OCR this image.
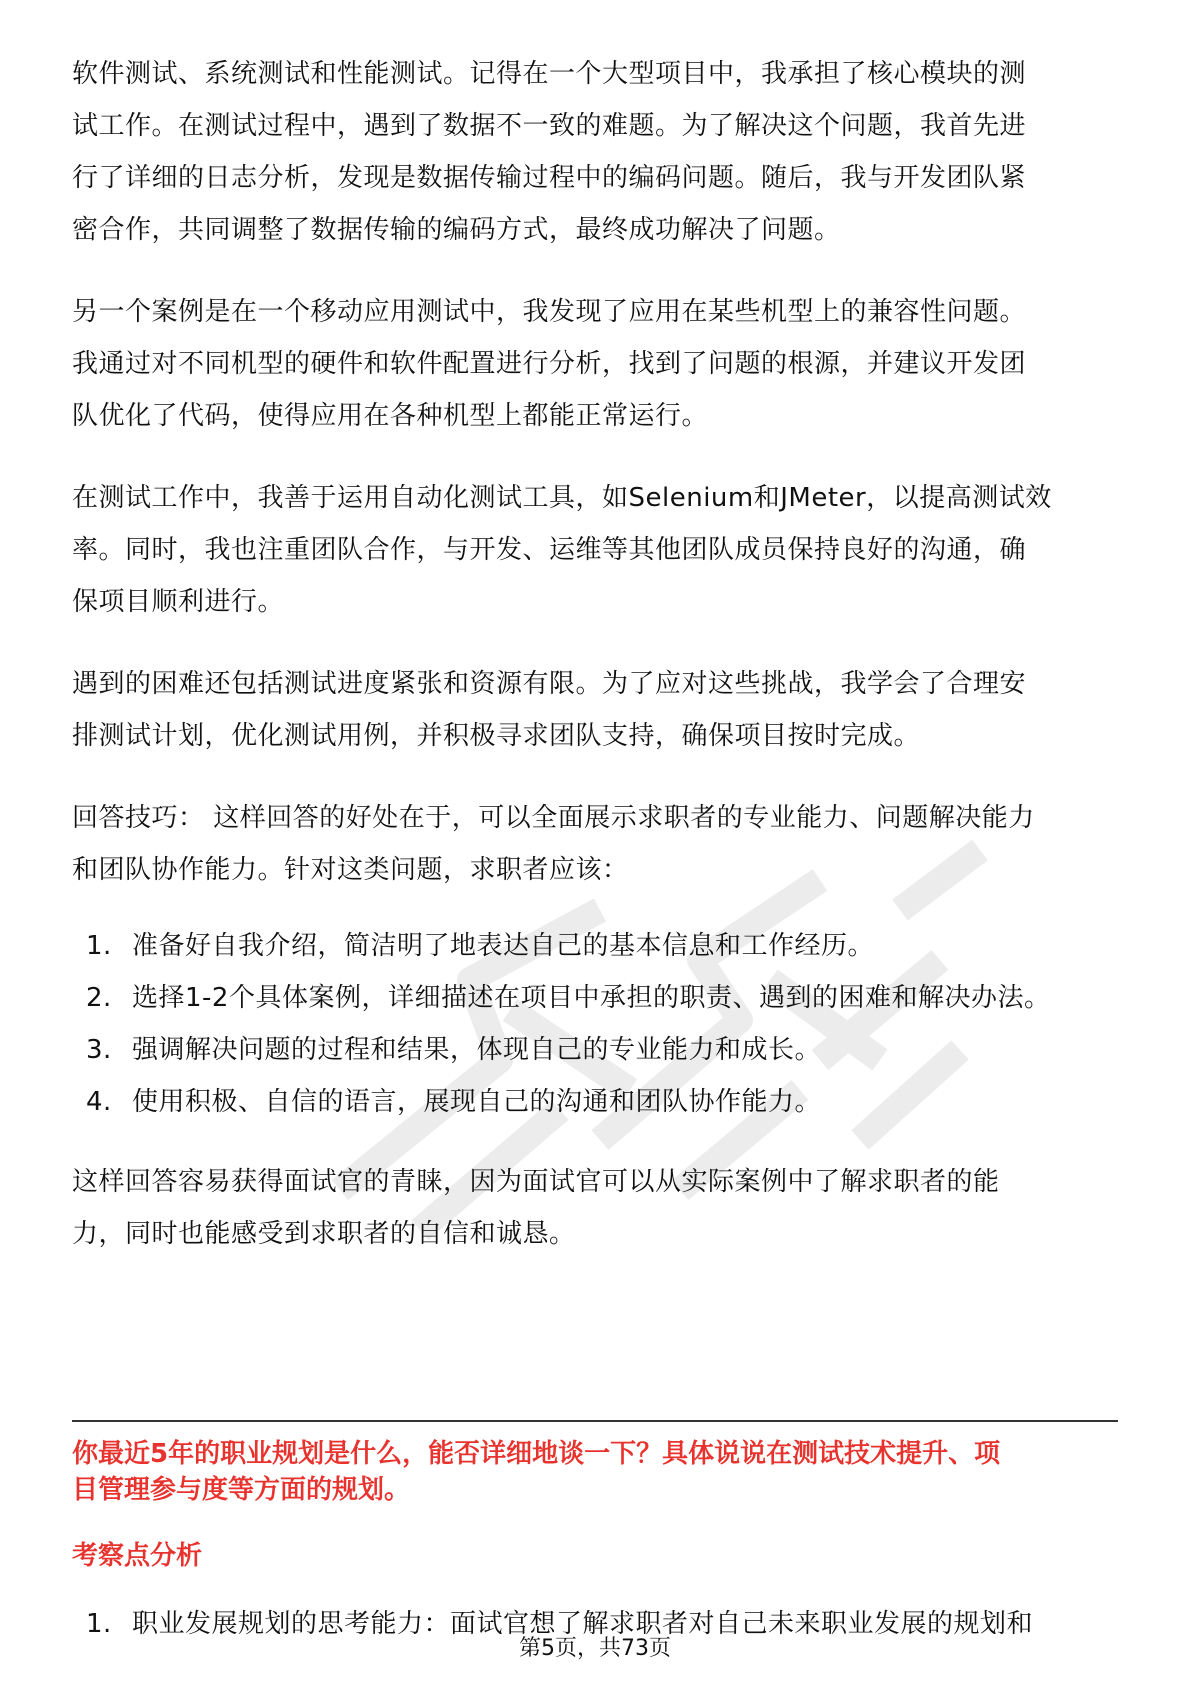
软件测试、系统测试和性能测试。记得在一个大型项目中，我承担了核心模块的测
试工作。在测试过程中，遇到了数据不一致的难题。为了解决这个问题，我首先进
行了详细的日志分析，发现是数据传输过程中的编码问题。随后，我与开发团队紧
密合作，共同调整了数据传输的编码方式，最终成功解决了问题。

另一个案例是在一个移动应用测试中，我发现了应用在某些机型上的兼容性问题。
我通过对不同机型的硬件和软件配置进行分析，找到了问题的根源，并建议开发团
队优化了代码，使得应用在各种机型上都能正常运行。

在测试工作中，我善于运用自动化测试工具，如Selenium和JMeter，以提高测试效
率。同时，我也注重团队合作，与开发、运维等其他团队成员保持良好的沟通，确
保项目顺利进行。

遇到的困难还包括测试进度紧张和资源有限。为了应对这些挑战，我学会了合理安
排测试计划，优化测试用例，并积极寻求团队支持，确保项目按时完成。

回答技巧： 这样回答的好处在于，可以全面展示求职者的专业能力、问题解决能力
和团队协作能力。针对这类问题，求职者应该：

1. 准备好自我介绍，简洁明了地表达自己的基本信息和工作经历。
2. 选择1-2个具体案例，详细描述在项目中承担的职责、遇到的困难和解决办法。
3. 强调解决问题的过程和结果，体现自己的专业能力和成长。
4. 使用积极、自信的语言，展现自己的沟通和团队协作能力。

这样回答容易获得面试官的青睐，因为面试官可以从实际案例中了解求职者的能
力，同时也能感受到求职者的自信和诚恳。

你最近5年的职业规划是什么，能否详细地谈一下？具体说说在测试技术提升、项
目管理参与度等方面的规划。
考察点分析
1. 职业发展规划的思考能力：面试官想了解求职者对自己未来职业发展的规划和
第5页，共73页
